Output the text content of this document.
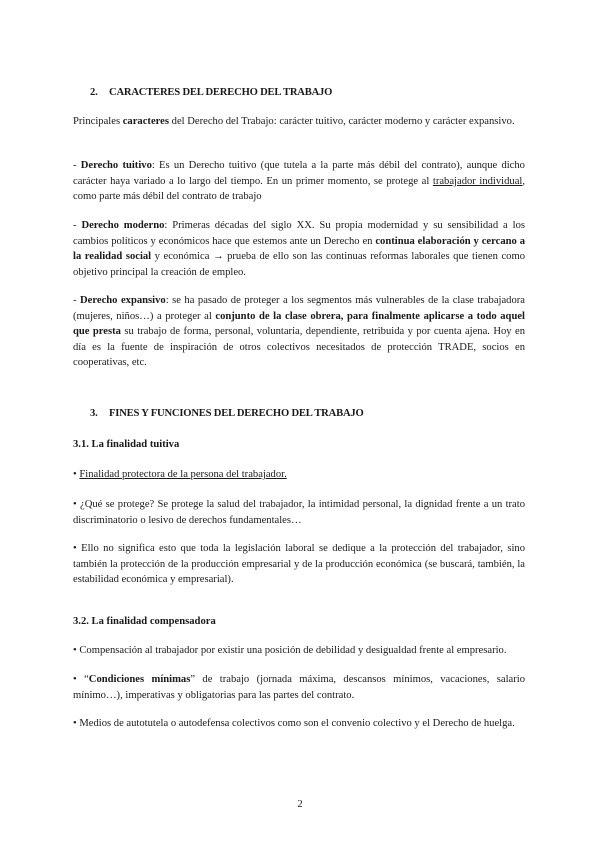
2. CARACTERES DEL DERECHO DEL TRABAJO

Principales caracteres del Derecho del Trabajo: carácter tuitivo, carácter moderno y carácter expansivo.

- Derecho tuitivo: Es un Derecho tuitivo (que tutela a la parte más débil del contrato), aunque dicho carácter haya variado a lo largo del tiempo. En un primer momento, se protege al trabajador individual, como parte más débil del contrato de trabajo

- Derecho moderno: Primeras décadas del siglo XX. Su propia modernidad y su sensibilidad a los cambios políticos y económicos hace que estemos ante un Derecho en continua elaboración y cercano a la realidad social y económica → prueba de ello son las continuas reformas laborales que tienen como objetivo principal la creación de empleo.

- Derecho expansivo: se ha pasado de proteger a los segmentos más vulnerables de la clase trabajadora (mujeres, niños…) a proteger al conjunto de la clase obrera, para finalmente aplicarse a todo aquel que presta su trabajo de forma, personal, voluntaria, dependiente, retribuida y por cuenta ajena. Hoy en día es la fuente de inspiración de otros colectivos necesitados de protección TRADE, socios en cooperativas, etc.

3. FINES Y FUNCIONES DEL DERECHO DEL TRABAJO

3.1. La finalidad tuitiva

• Finalidad protectora de la persona del trabajador.

• ¿Qué se protege? Se protege la salud del trabajador, la intimidad personal, la dignidad frente a un trato discriminatorio o lesivo de derechos fundamentales…

• Ello no significa esto que toda la legislación laboral se dedique a la protección del trabajador, sino también la protección de la producción empresarial y de la producción económica (se buscará, también, la estabilidad económica y empresarial).

3.2. La finalidad compensadora

• Compensación al trabajador por existir una posición de debilidad y desigualdad frente al empresario.

• “Condiciones mínimas” de trabajo (jornada máxima, descansos mínimos, vacaciones, salario mínimo…), imperativas y obligatorias para las partes del contrato.

• Medios de autotutela o autodefensa colectivos como son el convenio colectivo y el Derecho de huelga.

2
